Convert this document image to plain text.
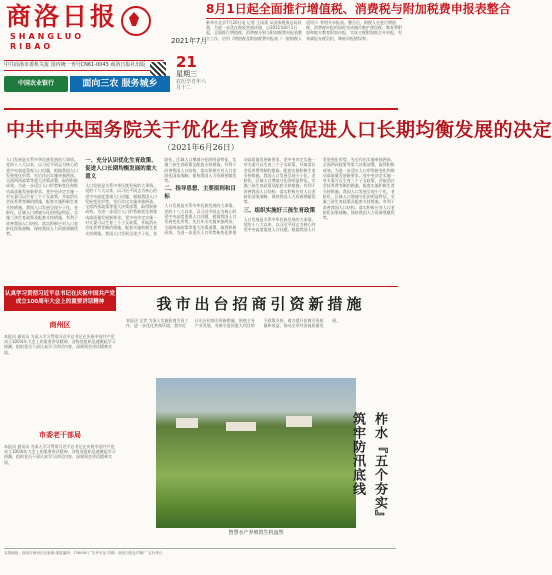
商洛日报
SHANGLUO RIBAO
2021年7月
21
星期三
农历辛丑年六月十二
中共商洛市委机关报 国内统一刊号CN61-0043 商洛日报社出版
中国农业银行	面向三农 服务城乡
8月1日起全面推行增值税、消费税与附加税费申报表整合
新华社北京7月20日电 记者 王雨萧 从国家税务总局获悉，为进一步优化税收营商环境，自2021年8月1日起，全面推行增值税、消费税分别与附加税费申报表整合工作，启用《增值税及附加税费申报表（一般纳税人适用）》等相关申报表。整合后，纳税人在进行增值税、消费税申报的同时完成城市维护建设税、教育费附加和地方教育附加申报，实现主税附加税合并申报，有效减轻办税负担，降低申报错误率。
中共中央国务院关于优化生育政策促进人口长期均衡发展的决定
（2021年6月26日）
人口发展是关系中华民族发展的大事情。党的十八大以来，以习近平同志为核心的党中央高度重视人口问题，根据我国人口发展变化形势，先后作出实施单独两孩、全面两孩政策等重大决策部署，取得积极成效。为进一步适应人口形势新变化和推动高质量发展新要求，党中央决定实施一对夫妻可以生育三个子女政策，并取消社会抚养费等制约措施，配套实施积极生育支持措施。我国人口发展呈现少子化、老龄化、区域人口增减分化的明显特征。实施三孩生育政策及配套支持措施，有利于改善我国人口结构、落实积极应对人口老龄化国家战略、保持我国人力资源禀赋优势。
一、充分认识优化生育政策、促进人口长期均衡发展的重大意义
人口发展是关系中华民族发展的大事情。党的十八大以来，以习近平同志为核心的党中央高度重视人口问题，根据我国人口发展变化形势，先后作出实施单独两孩、全面两孩政策等重大决策部署，取得积极成效。为进一步适应人口形势新变化和推动高质量发展新要求，党中央决定实施一对夫妻可以生育三个子女政策，并取消社会抚养费等制约措施，配套实施积极生育支持措施。我国人口发展呈现少子化、老龄化、区域人口增减分化的明显特征。实施三孩生育政策及配套支持措施，有利于改善我国人口结构、落实积极应对人口老龄化国家战略、保持我国人力资源禀赋优势。
二、指导思想、主要原则和目标
人口发展是关系中华民族发展的大事情。党的十八大以来，以习近平同志为核心的党中央高度重视人口问题，根据我国人口发展变化形势，先后作出实施单独两孩、全面两孩政策等重大决策部署，取得积极成效。为进一步适应人口形势新变化和推动高质量发展新要求，党中央决定实施一对夫妻可以生育三个子女政策，并取消社会抚养费等制约措施，配套实施积极生育支持措施。我国人口发展呈现少子化、老龄化、区域人口增减分化的明显特征。实施三孩生育政策及配套支持措施，有利于改善我国人口结构、落实积极应对人口老龄化国家战略、保持我国人力资源禀赋优势。
三、组织实施好三孩生育政策
人口发展是关系中华民族发展的大事情。党的十八大以来，以习近平同志为核心的党中央高度重视人口问题，根据我国人口发展变化形势，先后作出实施单独两孩、全面两孩政策等重大决策部署，取得积极成效。为进一步适应人口形势新变化和推动高质量发展新要求，党中央决定实施一对夫妻可以生育三个子女政策，并取消社会抚养费等制约措施，配套实施积极生育支持措施。我国人口发展呈现少子化、老龄化、区域人口增减分化的明显特征。实施三孩生育政策及配套支持措施，有利于改善我国人口结构、落实积极应对人口老龄化国家战略、保持我国人力资源禀赋优势。
认真学习贯彻习近平总书记在庆祝中国共产党成立100周年大会上的重要讲话精神
商州区
本报讯 通讯员 为深入学习贯彻习近平总书记在庆祝中国共产党成立100周年大会上的重要讲话精神，各级党组织迅速掀起学习热潮，组织党员干部认真学习讲话内容，深刻领会讲话精神实质。
市委老干部局
本报讯 通讯员 为深入学习贯彻习近平总书记在庆祝中国共产党成立100周年大会上的重要讲话精神，各级党组织迅速掀起学习热潮，组织党员干部认真学习讲话内容，深刻领会讲话精神实质。
我市出台招商引资新措施
本报讯 记者 为深入实施招商引资工作，进一步优化营商环境，我市近日出台招商引资新措施，围绕主导产业发展，对新引进的重大项目给予政策支持，着力提升招商引资质量和效益，推动全市经济高质量发展。
智慧水产养殖筑生机盎然
柞水『五个夯实』筑牢防汛底线
本报地址：商洛市商州区北新街 邮政编码：726000 广告许可证 印刷：商洛日报社印刷厂 定价每月
